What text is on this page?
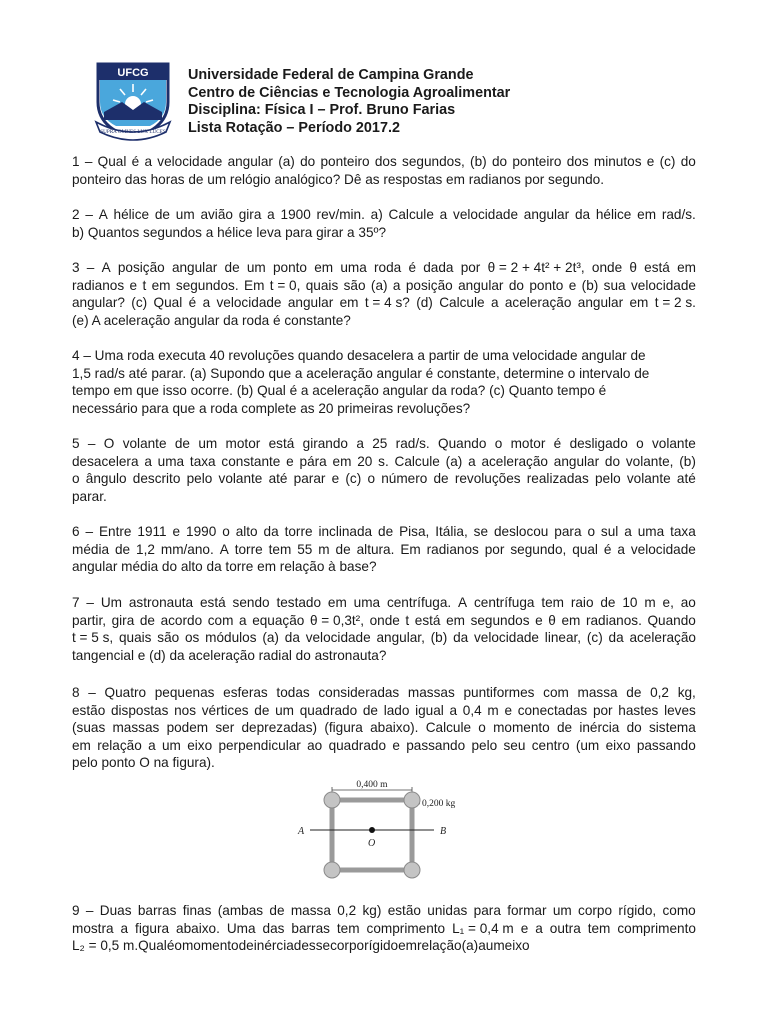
UFCG
SUPRA OMNES LUX LUCES
Universidade Federal de Campina Grande
Centro de Ciências e Tecnologia Agroalimentar
Disciplina: Física I – Prof. Bruno Farias
Lista Rotação – Período 2017.2
1 – Qual é a velocidade angular (a) do ponteiro dos segundos, (b) do ponteiro dos minutos e (c) do
ponteiro das horas de um relógio analógico? Dê as respostas em radianos por segundo.
2 – A hélice de um avião gira a 1900 rev/min. a) Calcule a velocidade angular da hélice em rad/s.
b) Quantos segundos a hélice leva para girar a 35º?
3 – A posição angular de um ponto em uma roda é dada por θ = 2 + 4t² + 2t³, onde θ está em
radianos e t em segundos. Em t = 0, quais são (a) a posição angular do ponto e (b) sua velocidade
angular? (c) Qual é a velocidade angular em t = 4 s? (d) Calcule a aceleração angular em t = 2 s.
(e) A aceleração angular da roda é constante?
4 – Uma roda executa 40 revoluções quando desacelera a partir de uma velocidade angular de
1,5 rad/s até parar. (a) Supondo que a aceleração angular é constante, determine o intervalo de
tempo em que isso ocorre. (b) Qual é a aceleração angular da roda? (c) Quanto tempo é
necessário para que a roda complete as 20 primeiras revoluções?
5 – O volante de um motor está girando a 25 rad/s. Quando o motor é desligado o volante
desacelera a uma taxa constante e pára em 20 s. Calcule (a) a aceleração angular do volante, (b)
o ângulo descrito pelo volante até parar e (c) o número de revoluções realizadas pelo volante até
parar.
6 – Entre 1911 e 1990 o alto da torre inclinada de Pisa, Itália, se deslocou para o sul a uma taxa
média de 1,2 mm/ano. A torre tem 55 m de altura. Em radianos por segundo, qual é a velocidade
angular média do alto da torre em relação à base?
7 – Um astronauta está sendo testado em uma centrífuga. A centrífuga tem raio de 10 m e, ao
partir, gira de acordo com a equação θ = 0,3t², onde t está em segundos e θ em radianos. Quando
t = 5 s, quais são os módulos (a) da velocidade angular, (b) da velocidade linear, (c) da aceleração
tangencial e (d) da aceleração radial do astronauta?
8 – Quatro pequenas esferas todas consideradas massas puntiformes com massa de 0,2 kg,
estão dispostas nos vértices de um quadrado de lado igual a 0,4 m e conectadas por hastes leves
(suas massas podem ser deprezadas) (figura abaixo). Calcule o momento de inércia do sistema
em relação a um eixo perpendicular ao quadrado e passando pelo seu centro (um eixo passando
pelo ponto O na figura).
0,400 m
0,200 kg
A	B
O
9 – Duas barras finas (ambas de massa 0,2 kg) estão unidas para formar um corpo rígido, como
mostra a figura abaixo. Uma das barras tem comprimento L₁ = 0,4 m e a outra tem comprimento
L₂ = 0,5 m. Qual é o momento de inércia desse corpo rígido em relação (a) a um eixo
